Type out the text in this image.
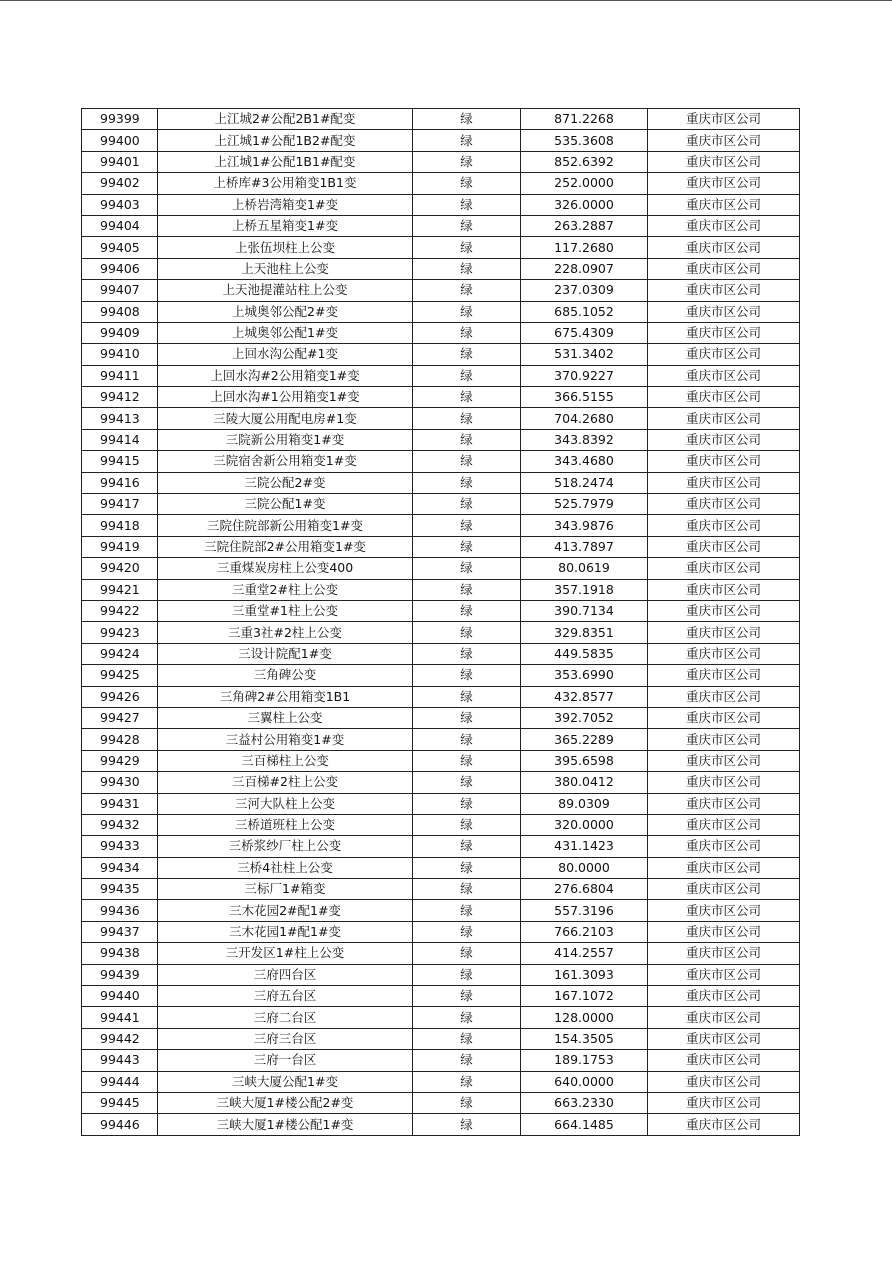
99399	上江城2#公配2B1#配变	绿	871.2268	重庆市区公司
99400	上江城1#公配1B2#配变	绿	535.3608	重庆市区公司
99401	上江城1#公配1B1#配变	绿	852.6392	重庆市区公司
99402	上桥库#3公用箱变1B1变	绿	252.0000	重庆市区公司
99403	上桥岩湾箱变1#变	绿	326.0000	重庆市区公司
99404	上桥五星箱变1#变	绿	263.2887	重庆市区公司
99405	上张伍坝柱上公变	绿	117.2680	重庆市区公司
99406	上天池柱上公变	绿	228.0907	重庆市区公司
99407	上天池提灌站柱上公变	绿	237.0309	重庆市区公司
99408	上城奥邻公配2#变	绿	685.1052	重庆市区公司
99409	上城奥邻公配1#变	绿	675.4309	重庆市区公司
99410	上回水沟公配#1变	绿	531.3402	重庆市区公司
99411	上回水沟#2公用箱变1#变	绿	370.9227	重庆市区公司
99412	上回水沟#1公用箱变1#变	绿	366.5155	重庆市区公司
99413	三陵大厦公用配电房#1变	绿	704.2680	重庆市区公司
99414	三院新公用箱变1#变	绿	343.8392	重庆市区公司
99415	三院宿舍新公用箱变1#变	绿	343.4680	重庆市区公司
99416	三院公配2#变	绿	518.2474	重庆市区公司
99417	三院公配1#变	绿	525.7979	重庆市区公司
99418	三院住院部新公用箱变1#变	绿	343.9876	重庆市区公司
99419	三院住院部2#公用箱变1#变	绿	413.7897	重庆市区公司
99420	三重煤炭房柱上公变400	绿	80.0619	重庆市区公司
99421	三重堂2#柱上公变	绿	357.1918	重庆市区公司
99422	三重堂#1柱上公变	绿	390.7134	重庆市区公司
99423	三重3社#2柱上公变	绿	329.8351	重庆市区公司
99424	三设计院配1#变	绿	449.5835	重庆市区公司
99425	三角碑公变	绿	353.6990	重庆市区公司
99426	三角碑2#公用箱变1B1	绿	432.8577	重庆市区公司
99427	三翼柱上公变	绿	392.7052	重庆市区公司
99428	三益村公用箱变1#变	绿	365.2289	重庆市区公司
99429	三百梯柱上公变	绿	395.6598	重庆市区公司
99430	三百梯#2柱上公变	绿	380.0412	重庆市区公司
99431	三河大队柱上公变	绿	89.0309	重庆市区公司
99432	三桥道班柱上公变	绿	320.0000	重庆市区公司
99433	三桥浆纱厂柱上公变	绿	431.1423	重庆市区公司
99434	三桥4社柱上公变	绿	80.0000	重庆市区公司
99435	三标厂1#箱变	绿	276.6804	重庆市区公司
99436	三木花园2#配1#变	绿	557.3196	重庆市区公司
99437	三木花园1#配1#变	绿	766.2103	重庆市区公司
99438	三开发区1#柱上公变	绿	414.2557	重庆市区公司
99439	三府四台区	绿	161.3093	重庆市区公司
99440	三府五台区	绿	167.1072	重庆市区公司
99441	三府二台区	绿	128.0000	重庆市区公司
99442	三府三台区	绿	154.3505	重庆市区公司
99443	三府一台区	绿	189.1753	重庆市区公司
99444	三峡大厦公配1#变	绿	640.0000	重庆市区公司
99445	三峡大厦1#楼公配2#变	绿	663.2330	重庆市区公司
99446	三峡大厦1#楼公配1#变	绿	664.1485	重庆市区公司
